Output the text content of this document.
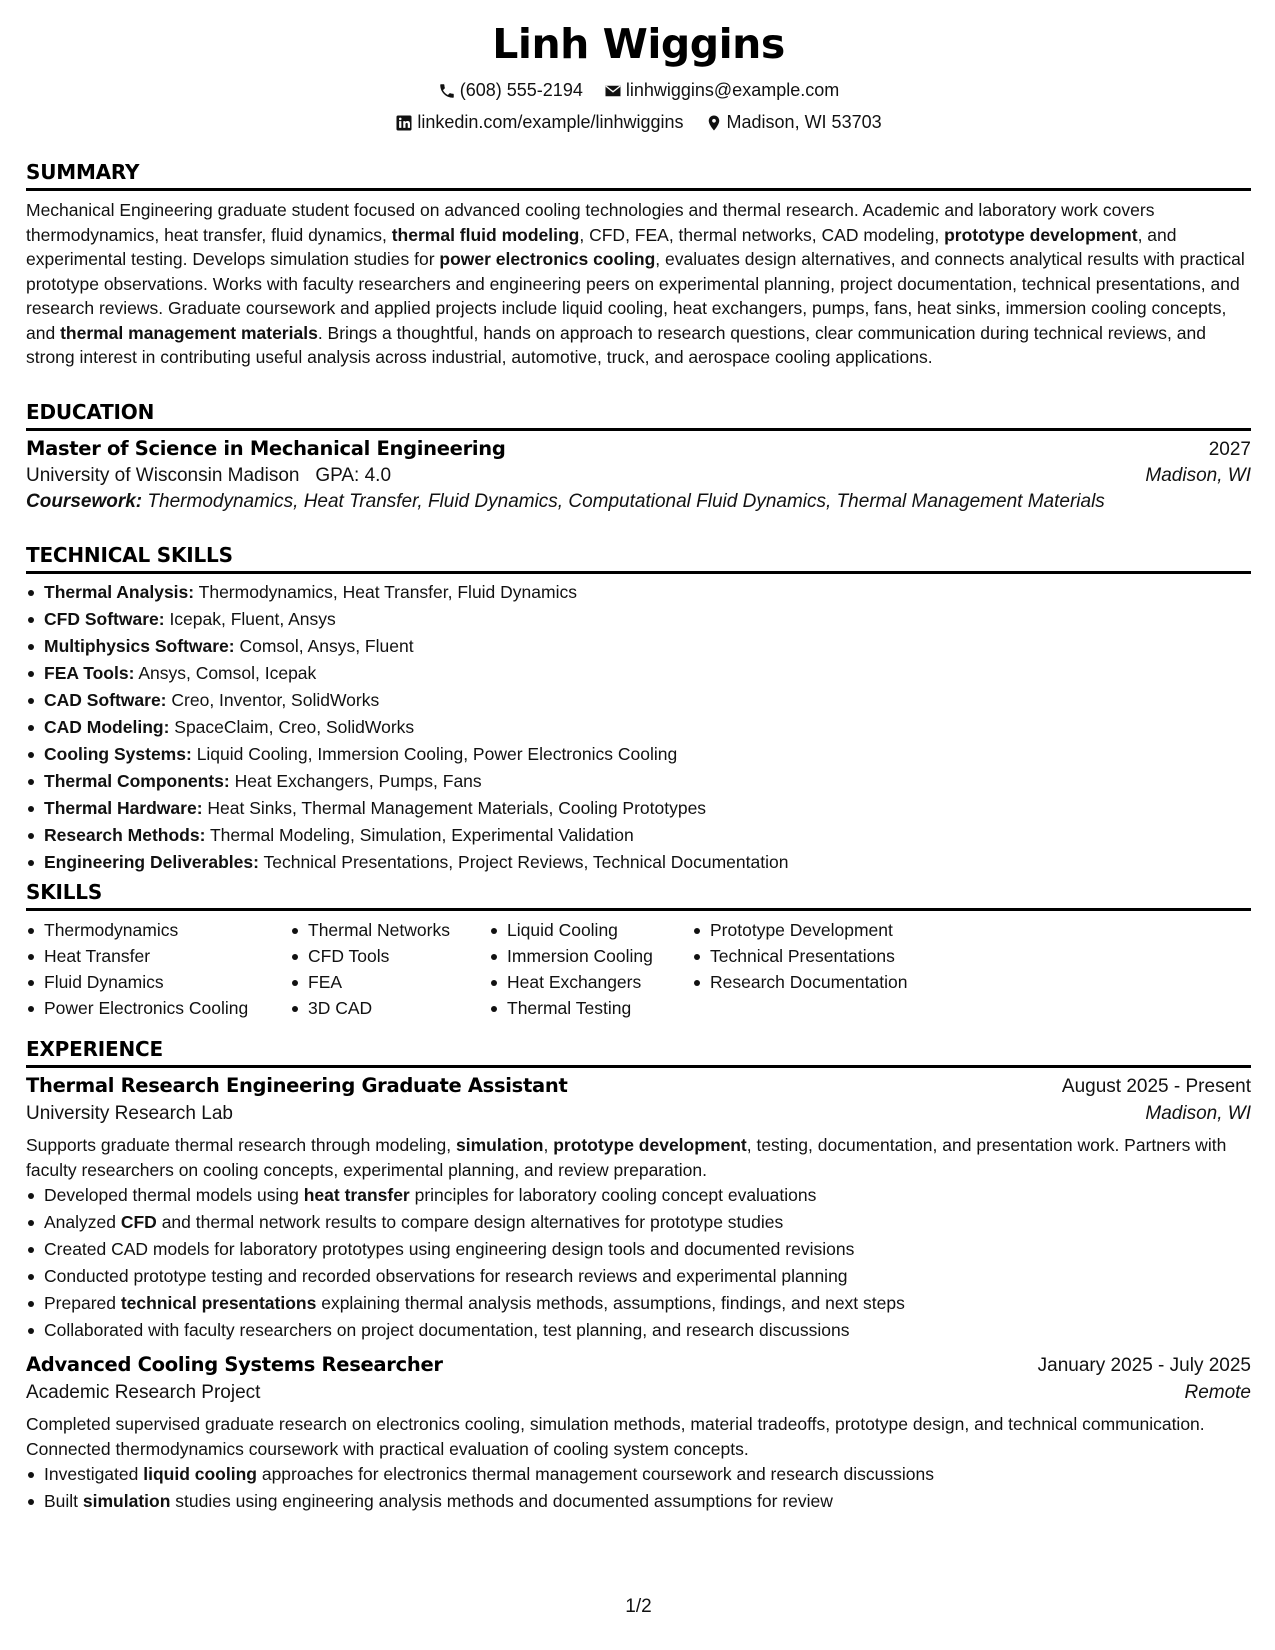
Linh Wiggins
(608) 555-2194
linhwiggins@example.com
linkedin.com/example/linhwiggins
Madison, WI 53703
SUMMARY
Mechanical Engineering graduate student focused on advanced cooling technologies and thermal research. Academic and laboratory work covers thermodynamics, heat transfer, fluid dynamics, thermal fluid modeling, CFD, FEA, thermal networks, CAD modeling, prototype development, and experimental testing. Develops simulation studies for power electronics cooling, evaluates design alternatives, and connects analytical results with practical prototype observations. Works with faculty researchers and engineering peers on experimental planning, project documentation, technical presentations, and research reviews. Graduate coursework and applied projects include liquid cooling, heat exchangers, pumps, fans, heat sinks, immersion cooling concepts, and thermal management materials. Brings a thoughtful, hands on approach to research questions, clear communication during technical reviews, and strong interest in contributing useful analysis across industrial, automotive, truck, and aerospace cooling applications.
EDUCATION
Master of Science in Mechanical Engineering	2027
University of Wisconsin Madison GPA: 4.0	Madison, WI
Coursework: Thermodynamics, Heat Transfer, Fluid Dynamics, Computational Fluid Dynamics, Thermal Management Materials
TECHNICAL SKILLS
Thermal Analysis: Thermodynamics, Heat Transfer, Fluid Dynamics
CFD Software: Icepak, Fluent, Ansys
Multiphysics Software: Comsol, Ansys, Fluent
FEA Tools: Ansys, Comsol, Icepak
CAD Software: Creo, Inventor, SolidWorks
CAD Modeling: SpaceClaim, Creo, SolidWorks
Cooling Systems: Liquid Cooling, Immersion Cooling, Power Electronics Cooling
Thermal Components: Heat Exchangers, Pumps, Fans
Thermal Hardware: Heat Sinks, Thermal Management Materials, Cooling Prototypes
Research Methods: Thermal Modeling, Simulation, Experimental Validation
Engineering Deliverables: Technical Presentations, Project Reviews, Technical Documentation
SKILLS
Thermodynamics
Heat Transfer
Fluid Dynamics
Power Electronics Cooling
Thermal Networks
CFD Tools
FEA
3D CAD
Liquid Cooling
Immersion Cooling
Heat Exchangers
Thermal Testing
Prototype Development
Technical Presentations
Research Documentation
EXPERIENCE
Thermal Research Engineering Graduate Assistant	August 2025 - Present
University Research Lab	Madison, WI
Supports graduate thermal research through modeling, simulation, prototype development, testing, documentation, and presentation work. Partners with faculty researchers on cooling concepts, experimental planning, and review preparation.
Developed thermal models using heat transfer principles for laboratory cooling concept evaluations
Analyzed CFD and thermal network results to compare design alternatives for prototype studies
Created CAD models for laboratory prototypes using engineering design tools and documented revisions
Conducted prototype testing and recorded observations for research reviews and experimental planning
Prepared technical presentations explaining thermal analysis methods, assumptions, findings, and next steps
Collaborated with faculty researchers on project documentation, test planning, and research discussions
Advanced Cooling Systems Researcher	January 2025 - July 2025
Academic Research Project	Remote
Completed supervised graduate research on electronics cooling, simulation methods, material tradeoffs, prototype design, and technical communication. Connected thermodynamics coursework with practical evaluation of cooling system concepts.
Investigated liquid cooling approaches for electronics thermal management coursework and research discussions
Built simulation studies using engineering analysis methods and documented assumptions for review
1/2
